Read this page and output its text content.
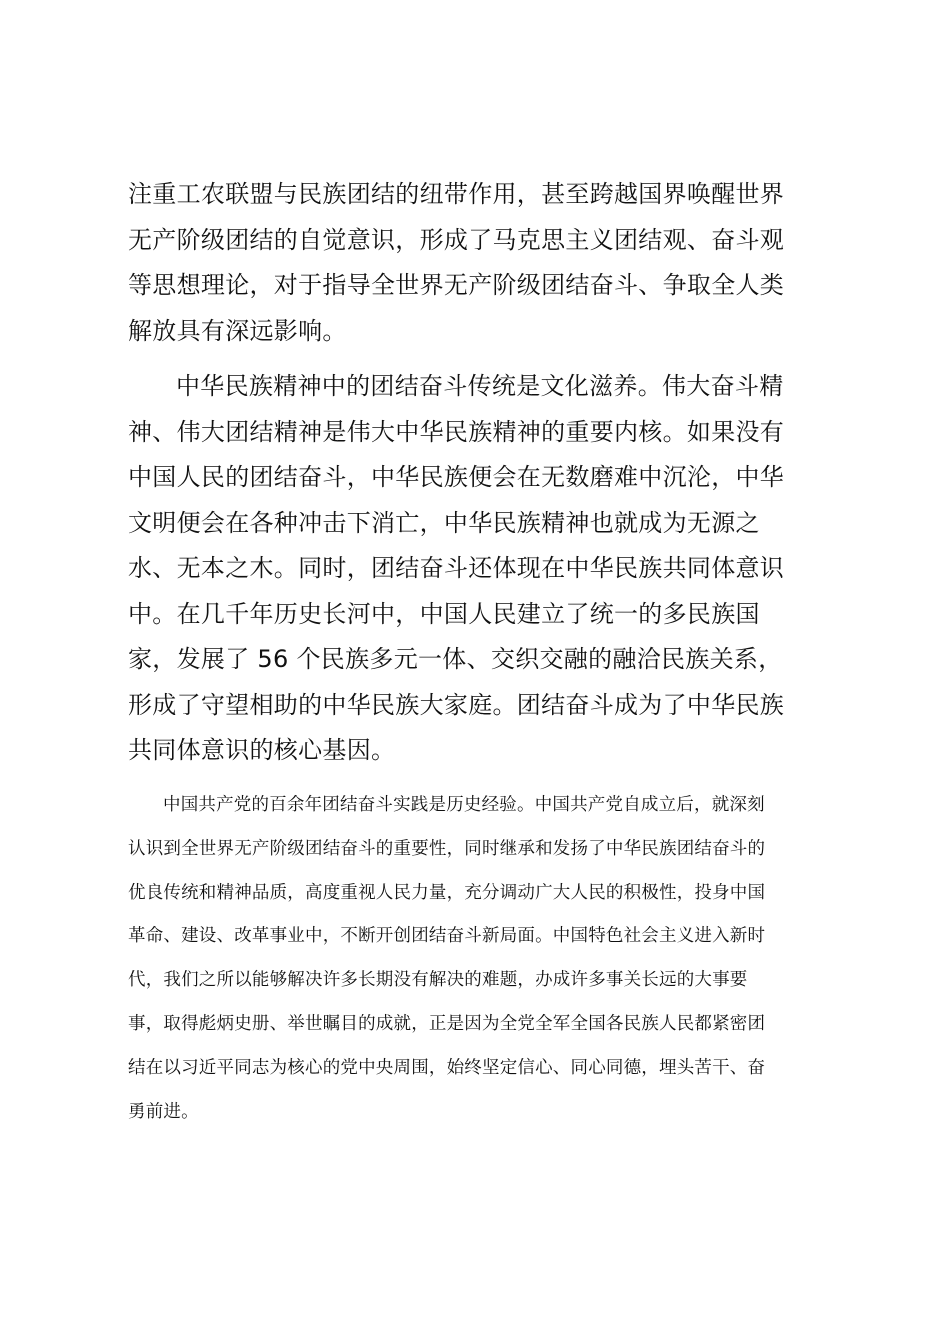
注重工农联盟与民族团结的纽带作用，甚至跨越国界唤醒世界
无产阶级团结的自觉意识，形成了马克思主义团结观、奋斗观
等思想理论，对于指导全世界无产阶级团结奋斗、争取全人类
解放具有深远影响。
中华民族精神中的团结奋斗传统是文化滋养。伟大奋斗精
神、伟大团结精神是伟大中华民族精神的重要内核。如果没有
中国人民的团结奋斗，中华民族便会在无数磨难中沉沦，中华
文明便会在各种冲击下消亡，中华民族精神也就成为无源之
水、无本之木。同时，团结奋斗还体现在中华民族共同体意识
中。在几千年历史长河中，中国人民建立了统一的多民族国
家，发展了 56 个民族多元一体、交织交融的融洽民族关系，
形成了守望相助的中华民族大家庭。团结奋斗成为了中华民族
共同体意识的核心基因。
中国共产党的百余年团结奋斗实践是历史经验。中国共产党自成立后，就深刻
认识到全世界无产阶级团结奋斗的重要性，同时继承和发扬了中华民族团结奋斗的
优良传统和精神品质，高度重视人民力量，充分调动广大人民的积极性，投身中国
革命、建设、改革事业中，不断开创团结奋斗新局面。中国特色社会主义进入新时
代，我们之所以能够解决许多长期没有解决的难题，办成许多事关长远的大事要
事，取得彪炳史册、举世瞩目的成就，正是因为全党全军全国各民族人民都紧密团
结在以习近平同志为核心的党中央周围，始终坚定信心、同心同德，埋头苦干、奋
勇前进。
